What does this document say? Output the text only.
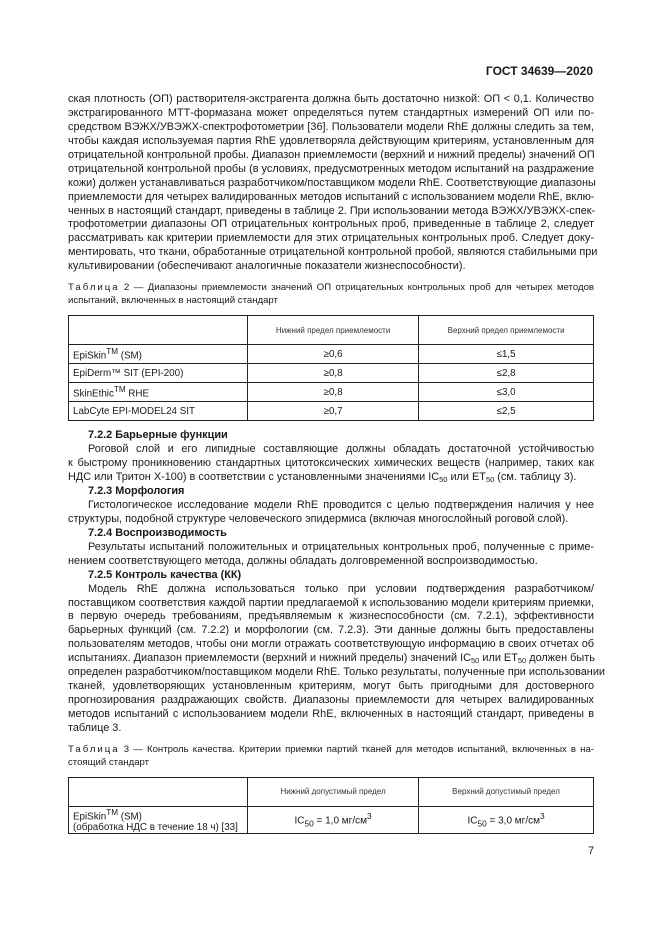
ГОСТ 34639—2020
ская плотность (ОП) растворителя-экстрагента должна быть достаточно низкой: ОП < 0,1. Количество
экстрагированного МТТ-формазана может определяться путем стандартных измерений ОП или по-
средством ВЭЖХ/УВЭЖХ-спектрофотометрии [36]. Пользователи модели RhE должны следить за тем,
чтобы каждая используемая партия RhE удовлетворяла действующим критериям, установленным для
отрицательной контрольной пробы. Диапазон приемлемости (верхний и нижний пределы) значений ОП
отрицательной контрольной пробы (в условиях, предусмотренных методом испытаний на раздражение
кожи) должен устанавливаться разработчиком/поставщиком модели RhE. Соответствующие диапазоны
приемлемости для четырех валидированных методов испытаний с использованием модели RhE, вклю-
ченных в настоящий стандарт, приведены в таблице 2. При использовании метода ВЭЖХ/УВЭЖХ-спек-
трофотометрии диапазоны ОП отрицательных контрольных проб, приведенные в таблице 2, следует
рассматривать как критерии приемлемости для этих отрицательных контрольных проб. Следует доку-
ментировать, что ткани, обработанные отрицательной контрольной пробой, являются стабильными при
культивировании (обеспечивают аналогичные показатели жизнеспособности).
Таблица 2 — Диапазоны приемлемости значений ОП отрицательных контрольных проб для четырех методов
испытаний, включенных в настоящий стандарт
	Нижний предел приемлемости	Верхний предел приемлемости
EpiSkin™ (SM)	≥0,6	≤1,5
EpiDerm™ SIT (EPI-200)	≥0,8	≤2,8
SkinEthic™ RHE	≥0,8	≤3,0
LabCyte EPI-MODEL24 SIT	≥0,7	≤2,5
7.2.2 Барьерные функции
Роговой слой и его липидные составляющие должны обладать достаточной устойчивостью
к быстрому проникновению стандартных цитотоксических химических веществ (например, таких как
НДС или Тритон Х-100) в соответствии с установленными значениями $IC_{50}$ или $ET_{50}$ (см. таблицу 3).
7.2.3 Морфология
Гистологическое исследование модели RhE проводится с целью подтверждения наличия у нее
структуры, подобной структуре человеческого эпидермиса (включая многослойный роговой слой).
7.2.4 Воспроизводимость
Результаты испытаний положительных и отрицательных контрольных проб, полученные с приме-
нением соответствующего метода, должны обладать долговременной воспроизводимостью.
7.2.5 Контроль качества (КК)
Модель RhE должна использоваться только при условии подтверждения разработчиком/
поставщиком соответствия каждой партии предлагаемой к использованию модели критериям приемки,
в первую очередь требованиям, предъявляемым к жизнеспособности (см. 7.2.1), эффективности
барьерных функций (см. 7.2.2) и морфологии (см. 7.2.3). Эти данные должны быть предоставлены
пользователям методов, чтобы они могли отражать соответствующую информацию в своих отчетах об
испытаниях. Диапазон приемлемости (верхний и нижний пределы) значений $IC_{50}$ или $ET_{50}$ должен быть
определен разработчиком/поставщиком модели RhE. Только результаты, полученные при использовании
тканей, удовлетворяющих установленным критериям, могут быть пригодными для достоверного
прогнозирования раздражающих свойств. Диапазоны приемлемости для четырех валидированных
методов испытаний с использованием модели RhE, включенных в настоящий стандарт, приведены в
таблице 3.
Таблица 3 — Контроль качества. Критерии приемки партий тканей для методов испытаний, включенных в на-
стоящий стандарт
	Нижний допустимый предел	Верхний допустимый предел
EpiSkin™ (SM)
(обработка НДС в течение 18 ч) [33]	$IC_{50} = 1,0$ $мг/см^3$	$IC_{50} = 3,0$ $мг/см^3$
7
